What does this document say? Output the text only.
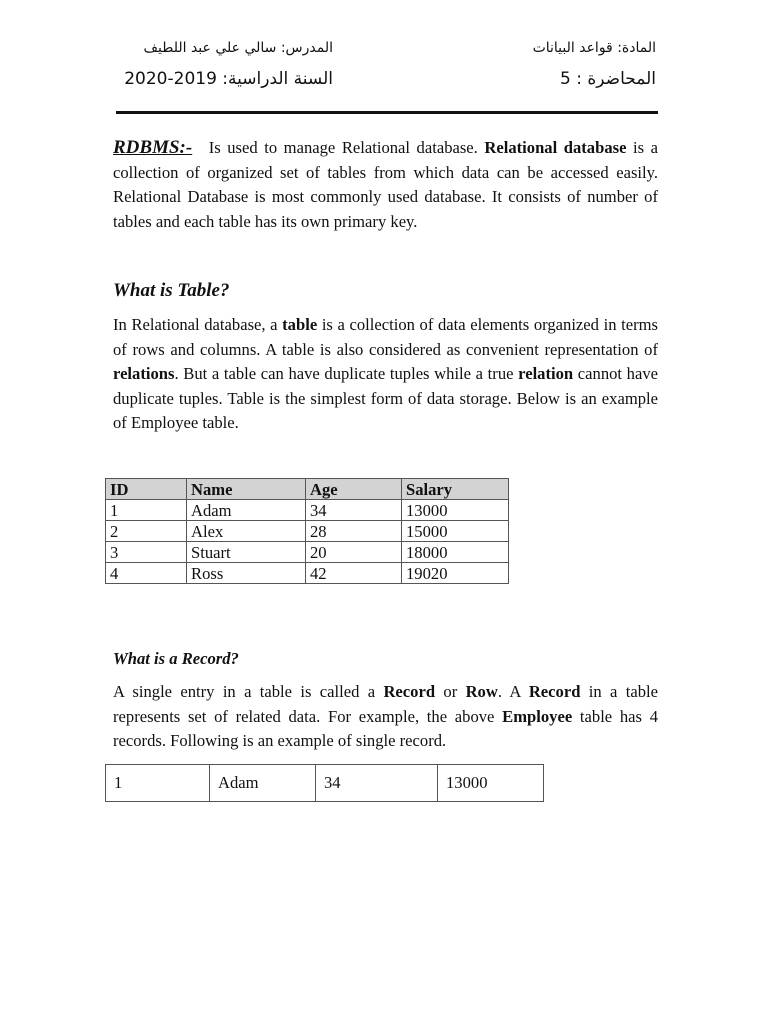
المادة: قواعد البيانات
المحاضرة : 5
المدرس: سالي علي عبد اللطيف
السنة الدراسية: 2019-2020
RDBMS:- Is used to manage Relational database. Relational database is a collection of organized set of tables from which data can be accessed easily. Relational Database is most commonly used database. It consists of number of tables and each table has its own primary key.
What is Table?
In Relational database, a table is a collection of data elements organized in terms of rows and columns. A table is also considered as convenient representation of relations. But a table can have duplicate tuples while a true relation cannot have duplicate tuples. Table is the simplest form of data storage. Below is an example of Employee table.
ID	Name	Age	Salary
1	Adam	34	13000
2	Alex	28	15000
3	Stuart	20	18000
4	Ross	42	19020
What is a Record?
A single entry in a table is called a Record or Row. A Record in a table represents set of related data. For example, the above Employee table has 4 records. Following is an example of single record.
1	Adam	34	13000
